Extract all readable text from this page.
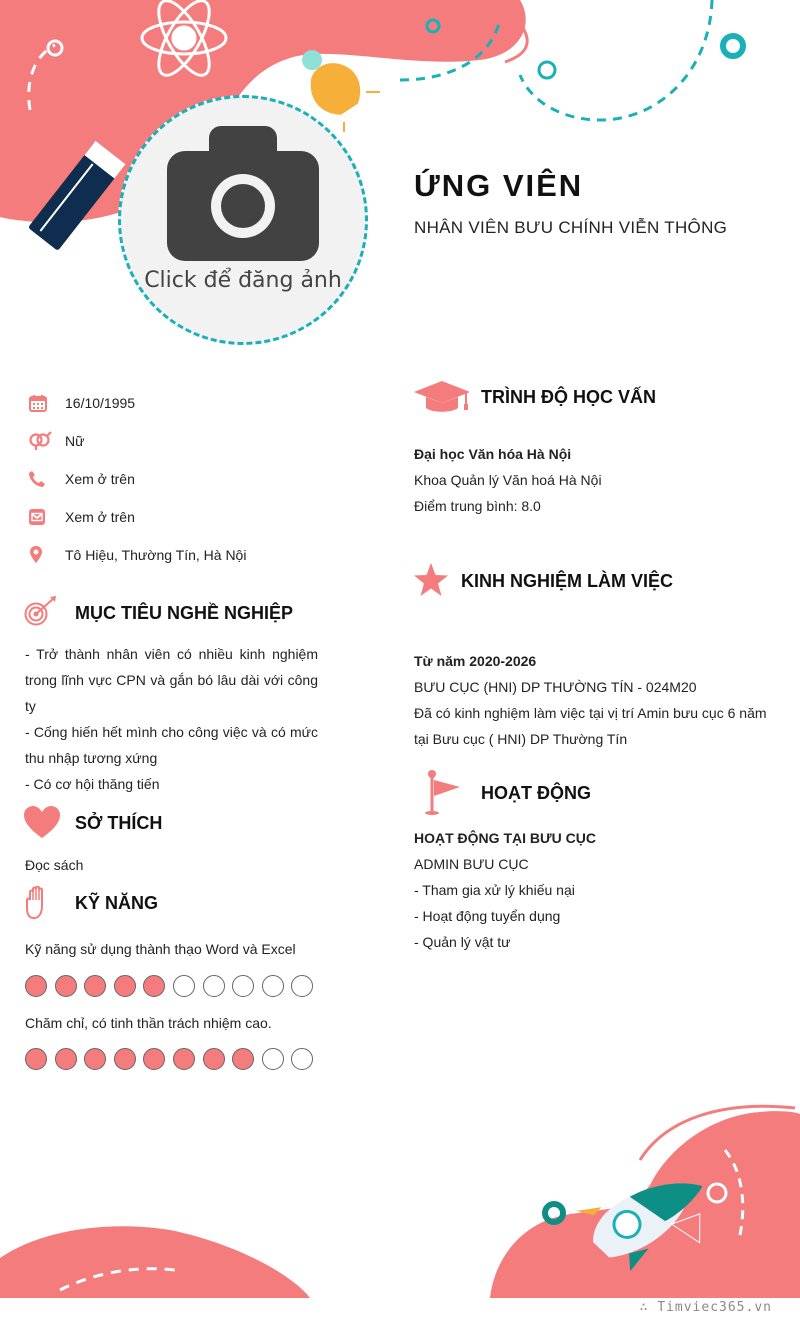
Click để đăng ảnh
ỨNG VIÊN
NHÂN VIÊN BƯU CHÍNH VIỄN THÔNG
16/10/1995
Nữ
Xem ở trên
Xem ở trên
Tô Hiệu, Thường Tín, Hà Nội
MỤC TIÊU NGHỀ NGHIỆP
- Trở thành nhân viên có nhiều kinh nghiệm trong lĩnh vực CPN và gắn bó lâu dài với công ty
- Cống hiến hết mình cho công việc và có mức thu nhập tương xứng
- Có cơ hội thăng tiến
SỞ THÍCH
Đọc sách
KỸ NĂNG
Kỹ năng sử dụng thành thạo Word và Excel
Chăm chỉ, có tinh thần trách nhiệm cao.
TRÌNH ĐỘ HỌC VẤN
Đại học Văn hóa Hà Nội
Khoa Quản lý Văn hoá Hà Nội
Điểm trung bình: 8.0
KINH NGHIỆM LÀM VIỆC
Từ năm 2020-2026
BƯU CỤC (HNI) DP THƯỜNG TÍN - 024M20
Đã có kinh nghiệm làm việc tại vị trí Amin bưu cục 6 năm tại Bưu cục ( HNI) DP Thường Tín
HOẠT ĐỘNG
HOẠT ĐỘNG TẠI BƯU CỤC
ADMIN BƯU CỤC
- Tham gia xử lý khiếu nại
- Hoạt động tuyển dụng
- Quản lý vật tư
∴ Timviec365.vn
